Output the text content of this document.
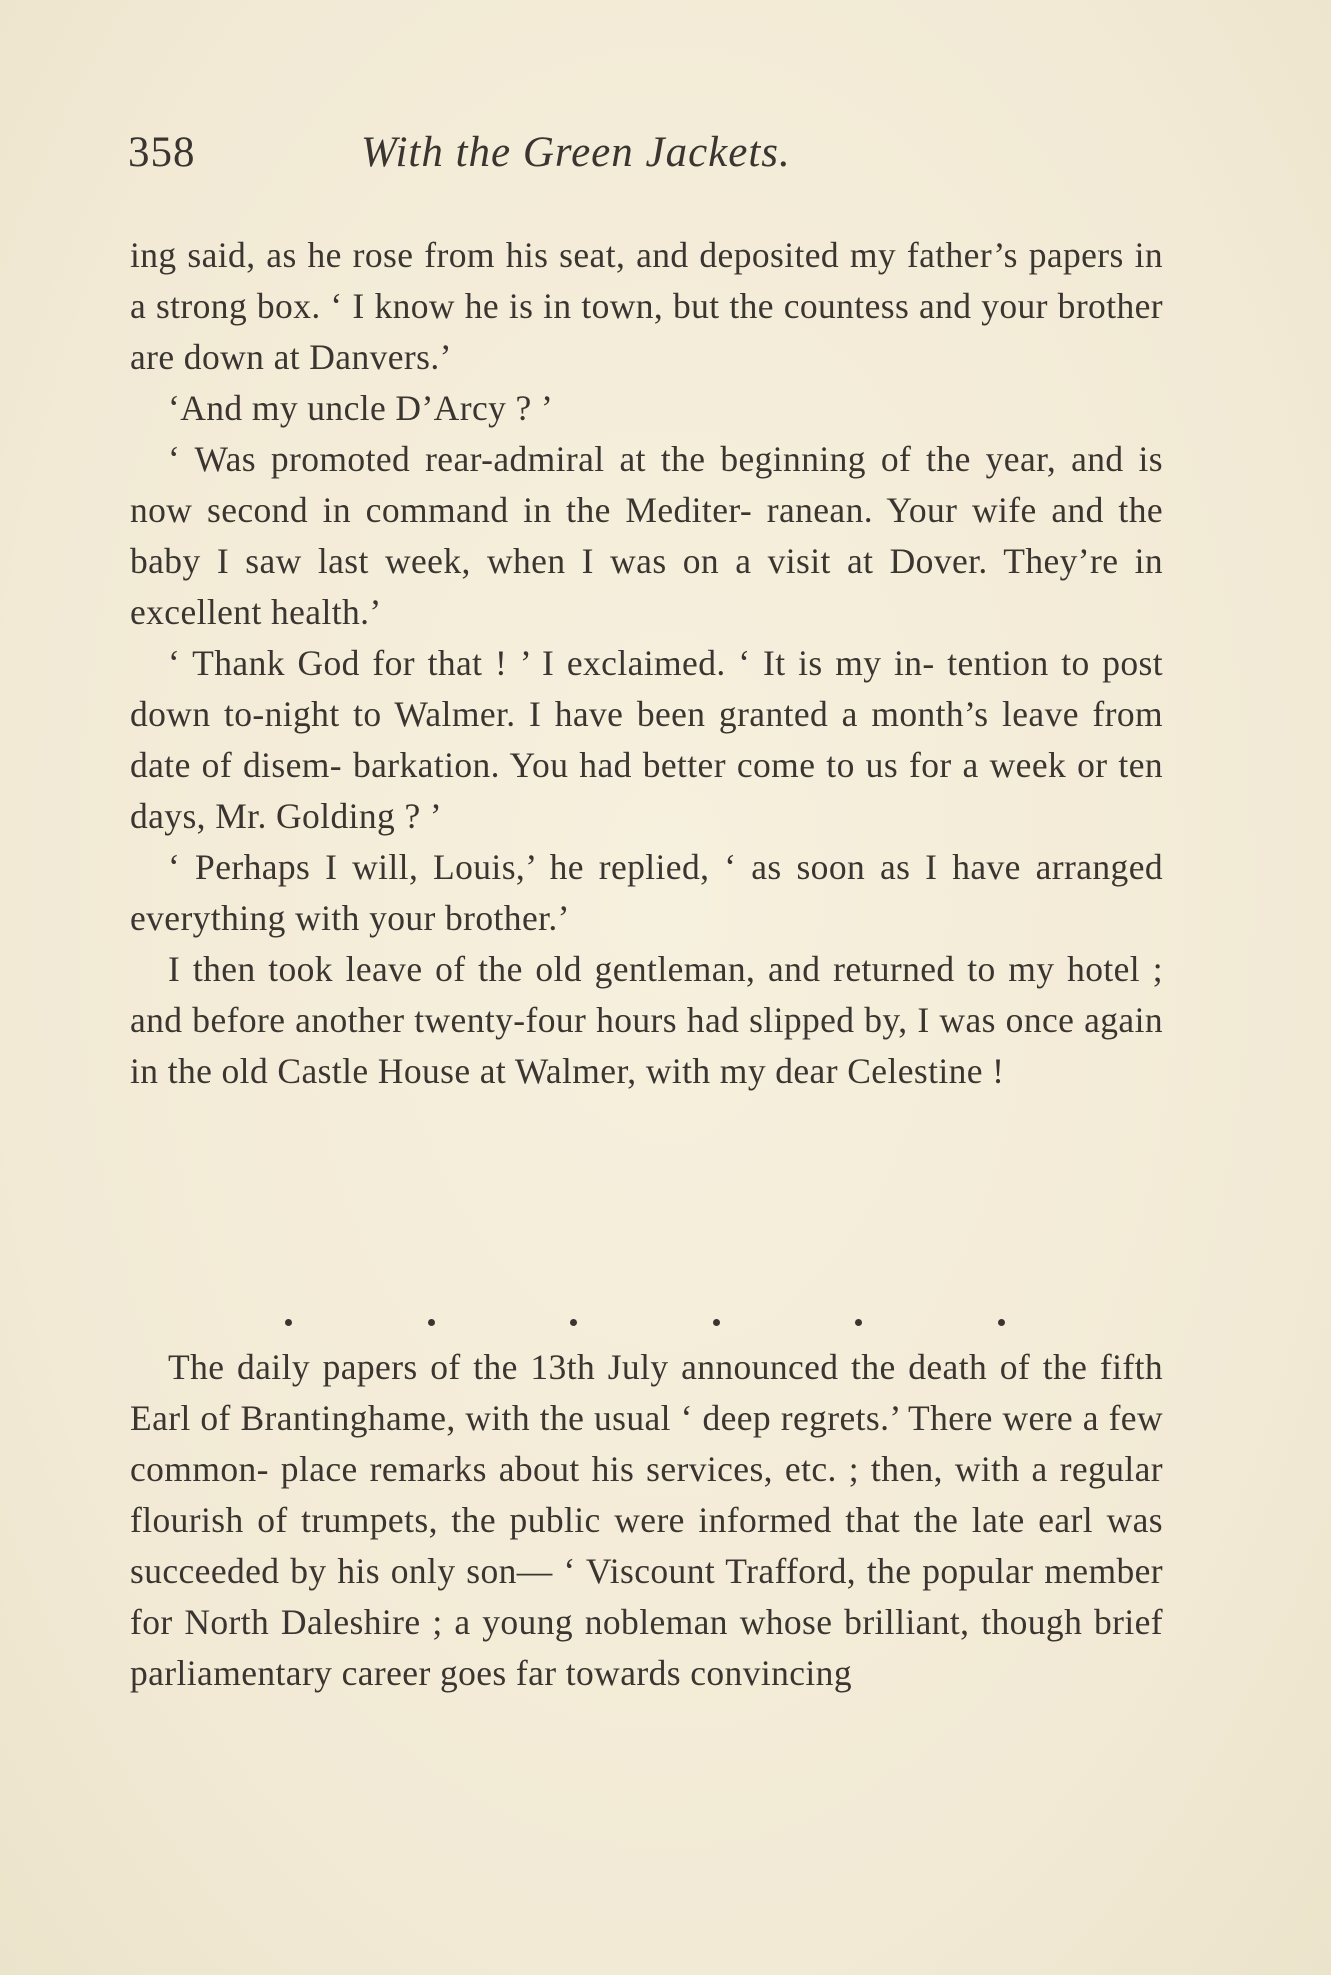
358	With the Green Jackets.

ing said, as he rose from his seat, and deposited my father’s papers in a strong box. ‘ I know he is in town, but the countess and your brother are down at Danvers.’

‘And my uncle D’Arcy ? ’

‘ Was promoted rear-admiral at the beginning of the year, and is now second in command in the Mediter- ranean. Your wife and the baby I saw last week, when I was on a visit at Dover. They’re in excellent health.’

‘ Thank God for that ! ’ I exclaimed. ‘ It is my in- tention to post down to-night to Walmer. I have been granted a month’s leave from date of disem- barkation. You had better come to us for a week or ten days, Mr. Golding ? ’

‘ Perhaps I will, Louis,’ he replied, ‘ as soon as I have arranged everything with your brother.’

I then took leave of the old gentleman, and returned to my hotel ; and before another twenty-four hours had slipped by, I was once again in the old Castle House at Walmer, with my dear Celestine !

The daily papers of the 13th July announced the death of the fifth Earl of Brantinghame, with the usual ‘ deep regrets.’ There were a few common- place remarks about his services, etc. ; then, with a regular flourish of trumpets, the public were informed that the late earl was succeeded by his only son— ‘ Viscount Trafford, the popular member for North Daleshire ; a young nobleman whose brilliant, though brief parliamentary career goes far towards convincing
